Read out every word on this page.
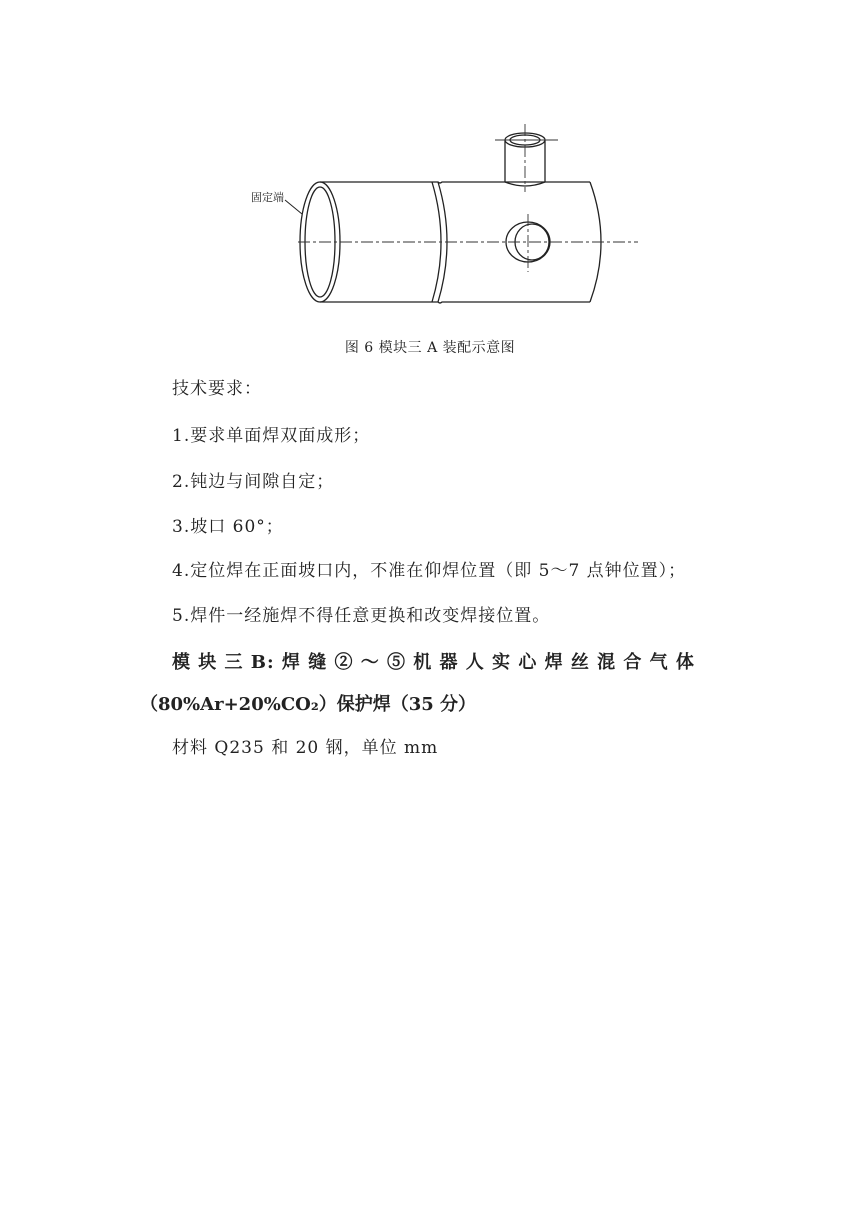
固定端
图 6 模块三 A 装配示意图
技术要求：
1.要求单面焊双面成形；
2.钝边与间隙自定；
3.坡口 60°；
4.定位焊在正面坡口内，不准在仰焊位置（即 5～7 点钟位置）；
5.焊件一经施焊不得任意更换和改变焊接位置。
模 块 三 B: 焊 缝 ② ～ ⑤ 机 器 人 实 心 焊 丝 混 合 气 体
（80%Ar+20%CO₂）保护焊（35 分）
材料 Q235 和 20 钢，单位 mm
